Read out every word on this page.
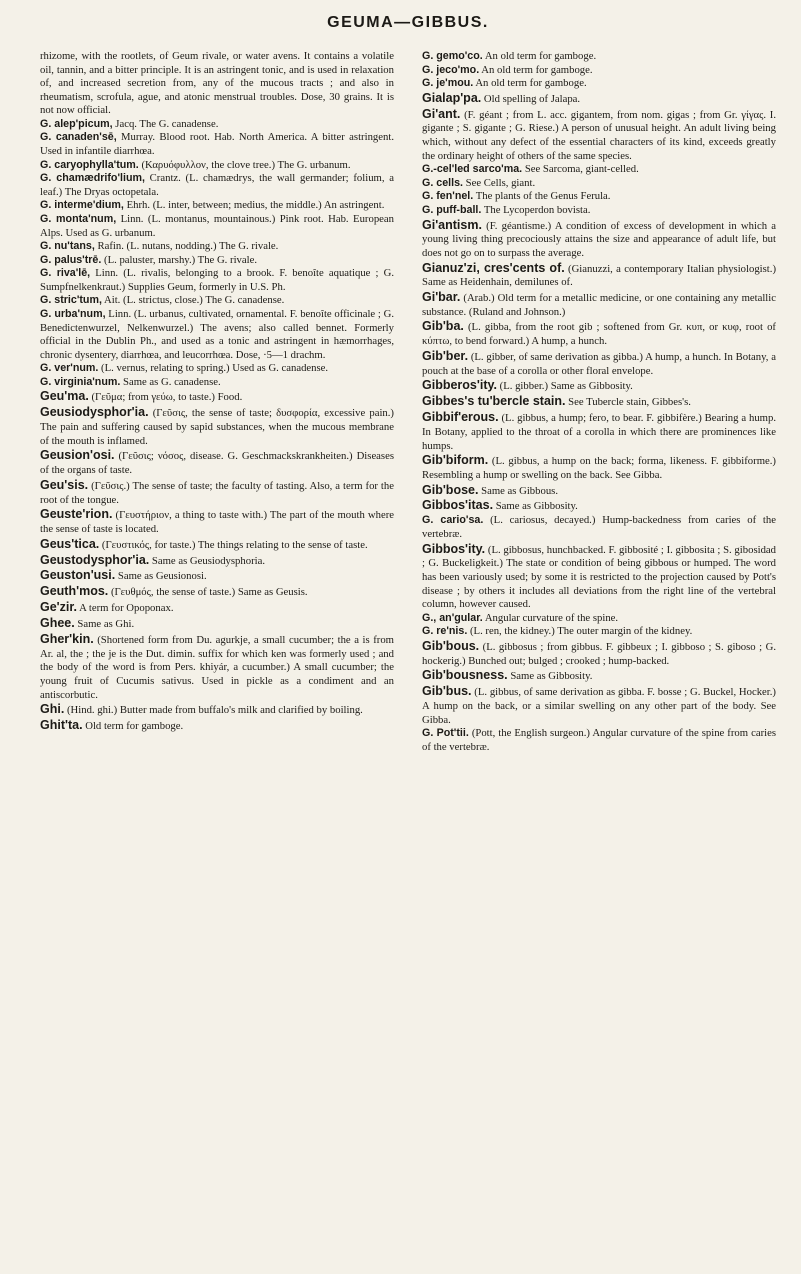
GEUMA—GIBBUS.

rhizome, with the rootlets, of Geum rivale, or water avens. It contains a volatile oil, tannin, and a bitter principle. It is an astringent tonic, and is used in relaxation of, and increased secretion from, any of the mucous tracts ; and also in rheumatism, scrofula, ague, and atonic menstrual troubles. Dose, 30 grains. It is not now official.

G. alep'picum, Jacq. The G. canadense.

G. canaden'sē, Murray. Blood root. Hab. North America. A bitter astringent. Used in infantile diarrhœa.

G. caryophylla'tum. (Καρυόφυλλον, the clove tree.) The G. urbanum.

G. chamædrifo'lium, Crantz. (L. chamædrys, the wall germander; folium, a leaf.) The Dryas octopetala.

G. interme'dium, Ehrh. (L. inter, between; medius, the middle.) An astringent.

G. monta'num, Linn. (L. montanus, mountainous.) Pink root. Hab. European Alps. Used as G. urbanum.

G. nu'tans, Rafin. (L. nutans, nodding.) The G. rivale.

G. palus'trē. (L. paluster, marshy.) The G. rivale.

G. riva'lē, Linn. (L. rivalis, belonging to a brook. F. benoîte aquatique ; G. Sumpfnelkenkraut.) Supplies Geum, formerly in U.S. Ph.

G. stric'tum, Ait. (L. strictus, close.) The G. canadense.

G. urba'num, Linn. (L. urbanus, cultivated, ornamental. F. benoîte officinale ; G. Benedictenwurzel, Nelkenwurzel.) The avens; also called bennet. Formerly official in the Dublin Ph., and used as a tonic and astringent in hæmorrhages, chronic dysentery, diarrhœa, and leucorrhœa. Dose, ·5—1 drachm.

G. ver'num. (L. vernus, relating to spring.) Used as G. canadense.

G. virginia'num. Same as G. canadense.

Geu'ma. (Γεῦμα; from γεύω, to taste.) Food.

Geusiodysphor'ia. (Γεῦσις, the sense of taste; δυσφορία, excessive pain.) The pain and suffering caused by sapid substances, when the mucous membrane of the mouth is inflamed.

Geusion'osi. (Γεῦσις; νόσος, disease. G. Geschmackskrankheiten.) Diseases of the organs of taste.

Geu'sis. (Γεῦσις.) The sense of taste; the faculty of tasting. Also, a term for the root of the tongue.

Geuste'rion. (Γευστήριον, a thing to taste with.) The part of the mouth where the sense of taste is located.

Geus'tica. (Γευστικός, for taste.) The things relating to the sense of taste.

Geustodysphor'ia. Same as Geusiodysphoria.

Geuston'usi. Same as Geusionosi.

Geuth'mos. (Γευθμός, the sense of taste.) Same as Geusis.

Ge'zir. A term for Opoponax.

Ghee. Same as Ghi.

Gher'kin. (Shortened form from Du. agurkje, a small cucumber; the a is from Ar. al, the ; the je is the Dut. dimin. suffix for which ken was formerly used ; and the body of the word is from Pers. khiyár, a cucumber.) A small cucumber; the young fruit of Cucumis sativus. Used in pickle as a condiment and an antiscorbutic.

Ghi. (Hind. ghi.) Butter made from buffalo's milk and clarified by boiling.

Ghit'ta. Old term for gamboge.

G. gemo'co. An old term for gamboge.

G. jeco'mo. An old term for gamboge.

G. je'mou. An old term for gamboge.

Gialap'pa. Old spelling of Jalapa.

Gi'ant. (F. géant ; from L. acc. gigantem, from nom. gigas ; from Gr. γίγας. I. gigante ; S. gigante ; G. Riese.) A person of unusual height. An adult living being which, without any defect of the essential characters of its kind, exceeds greatly the ordinary height of others of the same species.

G.-cel'led sarco'ma. See Sarcoma, giant-celled.

G. cells. See Cells, giant.

G. fen'nel. The plants of the Genus Ferula.

G. puff-ball. The Lycoperdon bovista.

Gi'antism. (F. géantisme.) A condition of excess of development in which a young living thing precociously attains the size and appearance of adult life, but does not go on to surpass the average.

Gianuz'zi, cres'cents of. (Gianuzzi, a contemporary Italian physiologist.) Same as Heidenhain, demilunes of.

Gi'bar. (Arab.) Old term for a metallic medicine, or one containing any metallic substance. (Ruland and Johnson.)

Gib'ba. (L. gibba, from the root gib ; softened from Gr. κυπ, or κυφ, root of κύπτω, to bend forward.) A hump, a hunch.

Gib'ber. (L. gibber, of same derivation as gibba.) A hump, a hunch. In Botany, a pouch at the base of a corolla or other floral envelope.

Gibberos'ity. (L. gibber.) Same as Gibbosity.

Gibbes's tu'bercle stain. See Tubercle stain, Gibbes's.

Gibbif'erous. (L. gibbus, a hump; fero, to bear. F. gibbifère.) Bearing a hump. In Botany, applied to the throat of a corolla in which there are prominences like humps.

Gib'biform. (L. gibbus, a hump on the back; forma, likeness. F. gibbiforme.) Resembling a hump or swelling on the back. See Gibba.

Gib'bose. Same as Gibbous.

Gibbos'itas. Same as Gibbosity.

G. cario'sa. (L. cariosus, decayed.) Hump-backedness from caries of the vertebræ.

Gibbos'ity. (L. gibbosus, hunchbacked. F. gibbosité ; I. gibbosita ; S. gibosidad ; G. Buckeligkeit.) The state or condition of being gibbous or humped. The word has been variously used; by some it is restricted to the projection caused by Pott's disease ; by others it includes all deviations from the right line of the vertebral column, however caused.

G., an'gular. Angular curvature of the spine.

G. re'nis. (L. ren, the kidney.) The outer margin of the kidney.

Gib'bous. (L. gibbosus ; from gibbus. F. gibbeux ; I. gibboso ; S. giboso ; G. hockerig.) Bunched out; bulged ; crooked ; hump-backed.

Gib'bousness. Same as Gibbosity.

Gib'bus. (L. gibbus, of same derivation as gibba. F. bosse ; G. Buckel, Hocker.) A hump on the back, or a similar swelling on any other part of the body. See Gibba.

G. Pot'tii. (Pott, the English surgeon.) Angular curvature of the spine from caries of the vertebræ.
